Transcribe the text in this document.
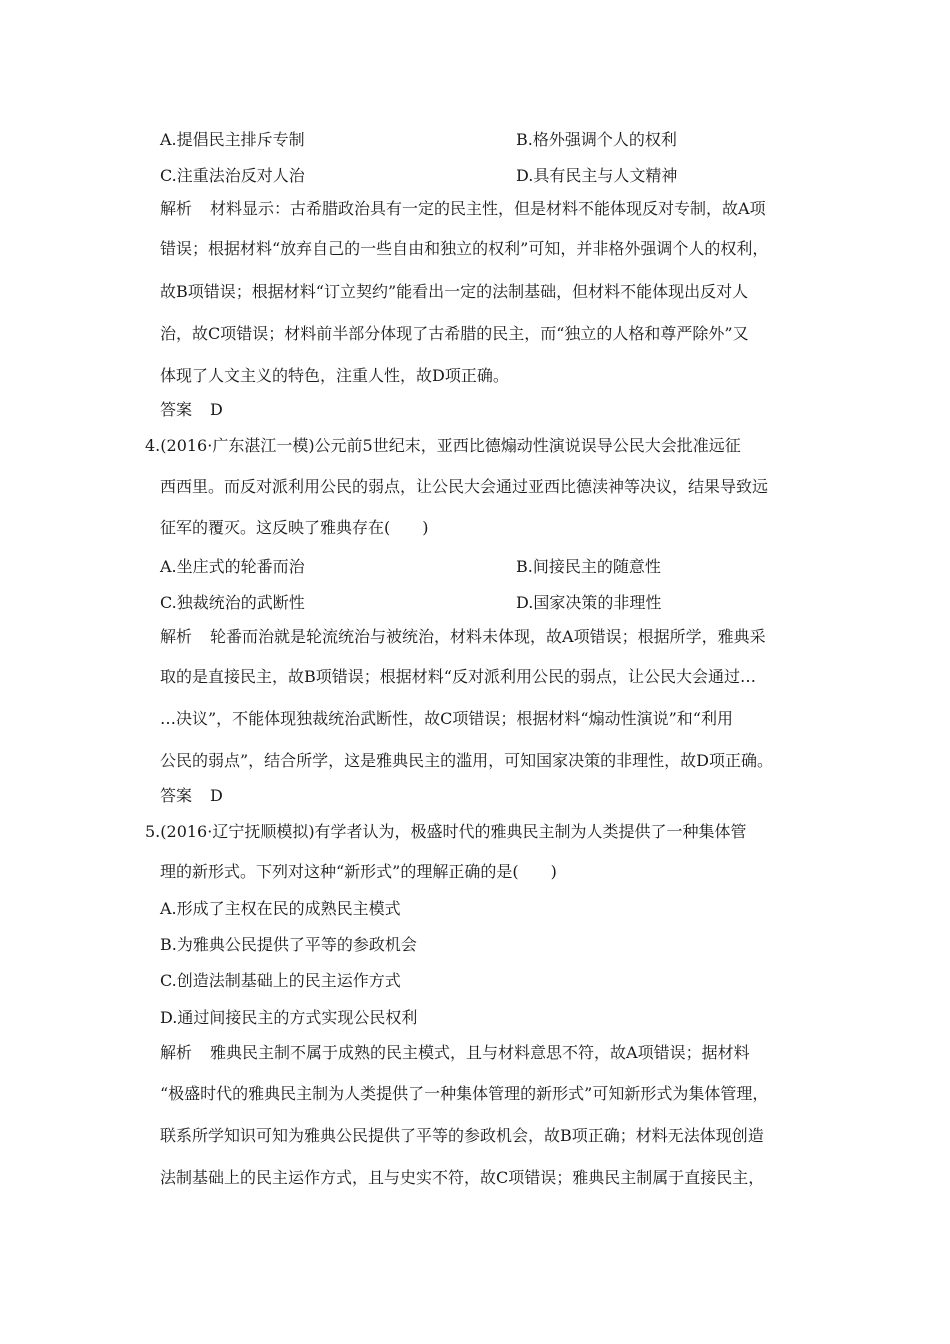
A.提倡民主排斥专制	B.格外强调个人的权利
C.注重法治反对人治	D.具有民主与人文精神
解析 材料显示：古希腊政治具有一定的民主性，但是材料不能体现反对专制，故A项
错误；根据材料“放弃自己的一些自由和独立的权利”可知，并非格外强调个人的权利，
故B项错误；根据材料“订立契约”能看出一定的法制基础，但材料不能体现出反对人
治，故C项错误；材料前半部分体现了古希腊的民主，而“独立的人格和尊严除外”又
体现了人文主义的特色，注重人性，故D项正确。
答案 D
4.(2016·广东湛江一模)公元前5世纪末，亚西比德煽动性演说误导公民大会批准远征
西西里。而反对派利用公民的弱点，让公民大会通过亚西比德渎神等决议，结果导致远
征军的覆灭。这反映了雅典存在(　　)
A.坐庄式的轮番而治	B.间接民主的随意性
C.独裁统治的武断性	D.国家决策的非理性
解析 轮番而治就是轮流统治与被统治，材料未体现，故A项错误；根据所学，雅典采
取的是直接民主，故B项错误；根据材料“反对派利用公民的弱点，让公民大会通过…
…决议”，不能体现独裁统治武断性，故C项错误；根据材料“煽动性演说”和“利用
公民的弱点”，结合所学，这是雅典民主的滥用，可知国家决策的非理性，故D项正确。
答案 D
5.(2016·辽宁抚顺模拟)有学者认为，极盛时代的雅典民主制为人类提供了一种集体管
理的新形式。下列对这种“新形式”的理解正确的是(　　)
A.形成了主权在民的成熟民主模式
B.为雅典公民提供了平等的参政机会
C.创造法制基础上的民主运作方式
D.通过间接民主的方式实现公民权利
解析 雅典民主制不属于成熟的民主模式，且与材料意思不符，故A项错误；据材料
“极盛时代的雅典民主制为人类提供了一种集体管理的新形式”可知新形式为集体管理，
联系所学知识可知为雅典公民提供了平等的参政机会，故B项正确；材料无法体现创造
法制基础上的民主运作方式，且与史实不符，故C项错误；雅典民主制属于直接民主，
